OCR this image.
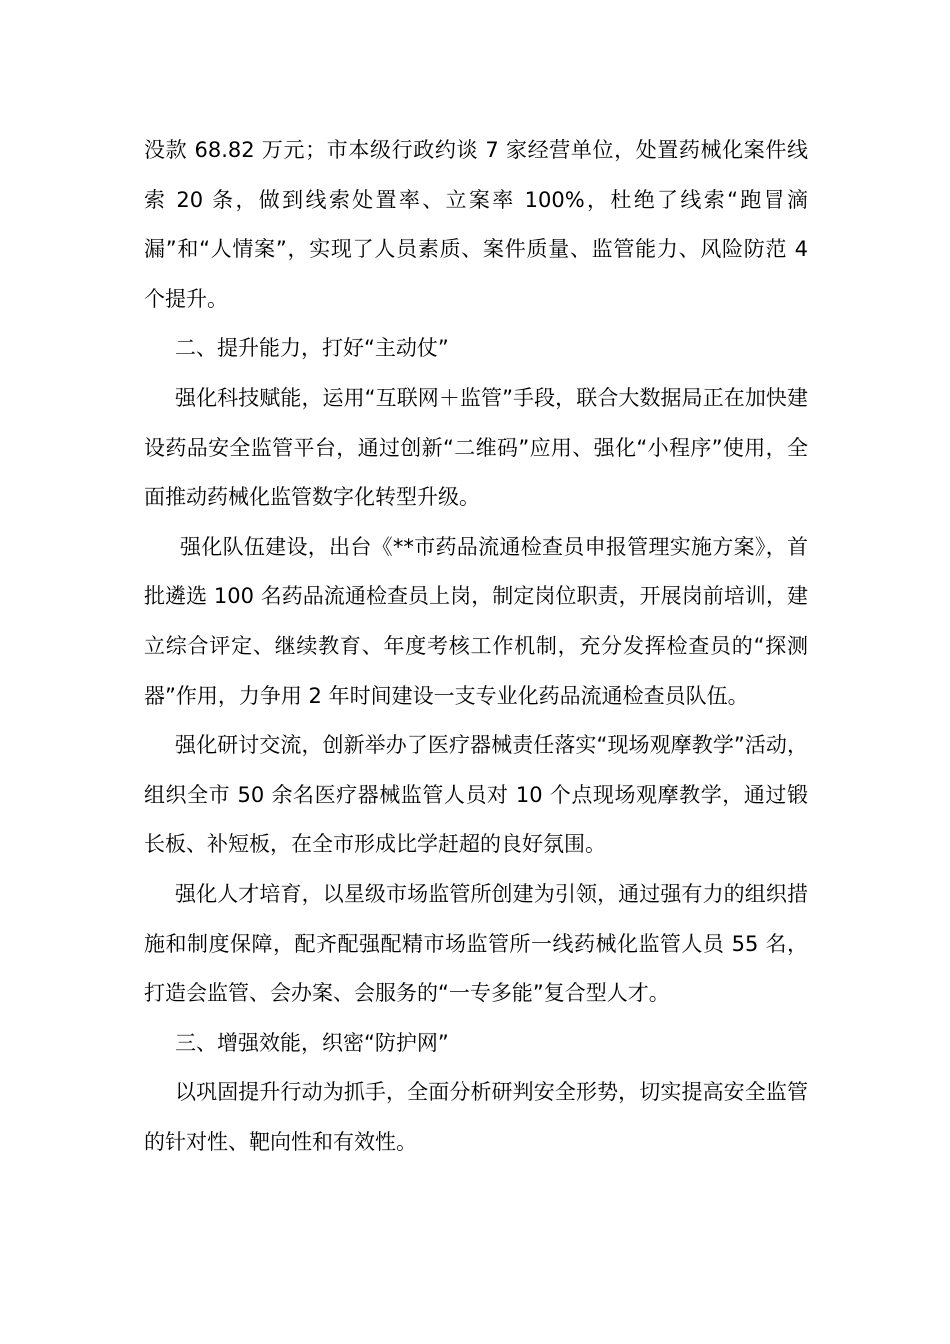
没款 68.82 万元；市本级行政约谈 7 家经营单位，处置药械化案件线索 20 条，做到线索处置率、立案率 100%，杜绝了线索“跑冒滴漏”和“人情案”，实现了人员素质、案件质量、监管能力、风险防范 4 个提升。

二、提升能力，打好“主动仗”

强化科技赋能，运用“互联网＋监管”手段，联合大数据局正在加快建设药品安全监管平台，通过创新“二维码”应用、强化“小程序”使用，全面推动药械化监管数字化转型升级。

强化队伍建设，出台《**市药品流通检查员申报管理实施方案》，首批遴选 100 名药品流通检查员上岗，制定岗位职责，开展岗前培训，建立综合评定、继续教育、年度考核工作机制，充分发挥检查员的“探测器”作用，力争用 2 年时间建设一支专业化药品流通检查员队伍。

强化研讨交流，创新举办了医疗器械责任落实“现场观摩教学”活动，组织全市 50 余名医疗器械监管人员对 10 个点现场观摩教学，通过锻长板、补短板，在全市形成比学赶超的良好氛围。

强化人才培育，以星级市场监管所创建为引领，通过强有力的组织措施和制度保障，配齐配强配精市场监管所一线药械化监管人员 55 名，打造会监管、会办案、会服务的“一专多能”复合型人才。

三、增强效能，织密“防护网”

以巩固提升行动为抓手，全面分析研判安全形势，切实提高安全监管的针对性、靶向性和有效性。
